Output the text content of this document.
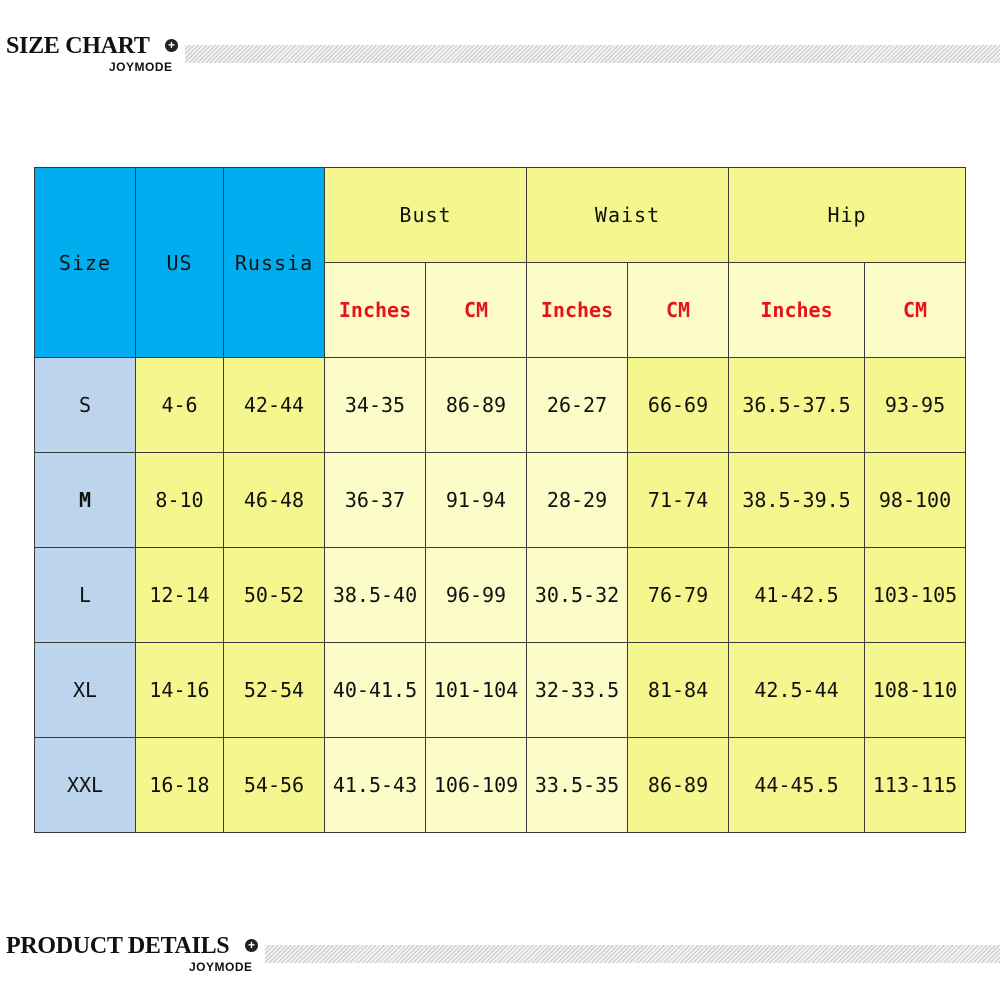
SIZE CHART +
JOYMODE
Size	US	Russia	Bust		Waist		Hip	
			Inches	CM	Inches	CM	Inches	CM
S	4-6	42-44	34-35	86-89	26-27	66-69	36.5-37.5	93-95
M	8-10	46-48	36-37	91-94	28-29	71-74	38.5-39.5	98-100
L	12-14	50-52	38.5-40	96-99	30.5-32	76-79	41-42.5	103-105
XL	14-16	52-54	40-41.5	101-104	32-33.5	81-84	42.5-44	108-110
XXL	16-18	54-56	41.5-43	106-109	33.5-35	86-89	44-45.5	113-115
PRODUCT DETAILS +
JOYMODE
